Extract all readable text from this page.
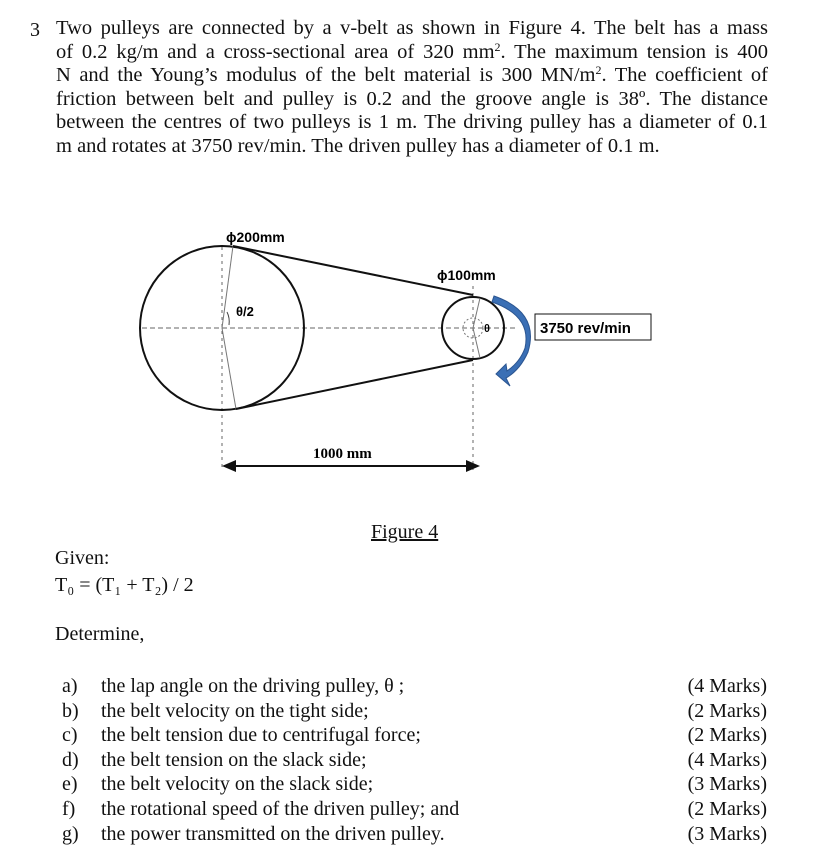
3 Two pulleys are connected by a v-belt as shown in Figure 4. The belt has a mass
of 0.2 kg/m and a cross-sectional area of 320 $mm^2$. The maximum tension is 400
N and the Young’s modulus of the belt material is 300 $MN/m^2$. The coefficient of
friction between belt and pulley is 0.2 and the groove angle is 38º. The distance
between the centres of two pulleys is 1 m. The driving pulley has a diameter of 0.1
m and rotates at 3750 rev/min. The driven pulley has a diameter of 0.1 m.
ϕ200mm
ϕ100mm
θ/2
θ	3750 rev/min
1000 mm
Figure 4
Given:
T₀ = (T₁ + T₂) / 2
Determine,
a) the lap angle on the driving pulley, θ ;	(4 Marks)
b) the belt velocity on the tight side;	(2 Marks)
c) the belt tension due to centrifugal force;	(2 Marks)
d) the belt tension on the slack side;	(4 Marks)
e) the belt velocity on the slack side;	(3 Marks)
f) the rotational speed of the driven pulley; and	(2 Marks)
g) the power transmitted on the driven pulley.	(3 Marks)
